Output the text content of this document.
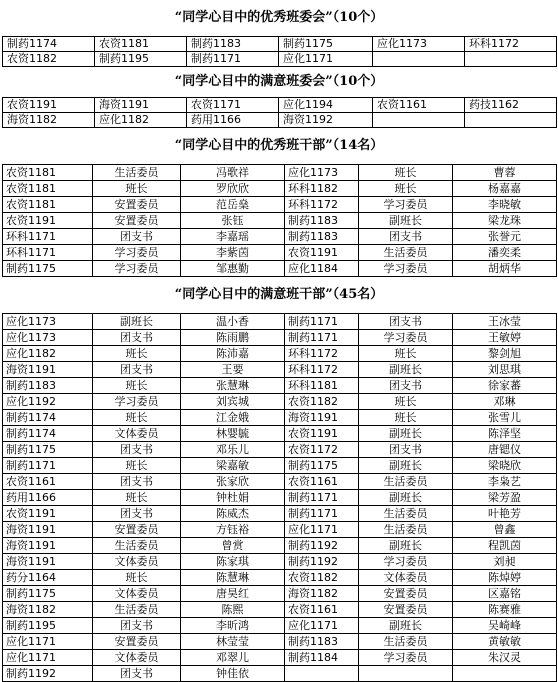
“同学心目中的优秀班委会”（10个）
制药1174	农资1181	制药1183	制药1175	应化1173	环科1172
农资1182	制药1195	制药1171	应化1171		
“同学心目中的满意班委会”（10个）
农资1191	海资1191	农资1171	应化1194	农资1161	药技1162
海资1182	应化1182	药用1166	海资1192		
“同学心目中的优秀班干部”（14名）
农资1181	生活委员	冯歌祥	应化1173	班长	曹蓉
农资1181	班长	罗欣欣	环科1182	班长	杨嘉嘉
农资1181	安置委员	范岳燊	环科1172	学习委员	李晓敏
农资1191	安置委员	张钰	制药1183	副班长	梁龙珠
环科1171	团支书	李嘉瑶	制药1183	团支书	张誉元
环科1171	学习委员	李紫茵	农资1191	生活委员	潘奕柔
制药1175	学习委员	邹惠勤	应化1184	学习委员	胡炳华
“同学心目中的满意班干部”（45名）
应化1173	副班长	温小香	制药1171	团支书	王冰莹
应化1173	团支书	陈雨鹏	制药1171	学习委员	王敏婷
应化1182	班长	陈沛嘉	环科1172	班长	黎剑旭
海资1191	团支书	王要	环科1172	副班长	刘思琪
制药1183	班长	张慧琳	环科1181	团支书	徐家蕃
应化1192	学习委员	刘宾城	农资1182	班长	邓琳
制药1174	班长	江金娥	海资1191	班长	张雪儿
制药1174	文体委员	林婴毓	农资1191	副班长	陈泽坚
制药1175	团支书	邓乐儿	农资1172	团支书	唐锶仪
制药1171	班长	梁嘉敏	制药1175	副班长	梁晓欣
农资1161	团支书	张家欣	农资1161	生活委员	李枭艺
药用1166	班长	钟杜娟	制药1171	副班长	梁芳盈
农资1191	团支书	陈威杰	制药1171	生活委员	叶艳芳
海资1191	安置委员	方钰裕	应化1171	生活委员	曾鑫
海资1191	生活委员	曾赏	制药1192	副班长	程凯茵
海资1191	文体委员	陈家琪	制药1192	学习委员	刘昶
药分1164	班长	陈慧琳	农资1182	文体委员	陈焯婷
制药1175	文体委员	唐昊红	海资1182	安置委员	区嘉铭
海资1182	生活委员	陈熙	农资1161	安置委员	陈赛雅
制药1195	团支书	李昕鸿	应化1171	副班长	吴崎峰
应化1171	安置委员	林莹莹	制药1183	生活委员	黄敏敏
应化1171	文体委员	邓翠儿	制药1184	学习委员	朱汉灵
制药1192	团支书	钟佳依			
